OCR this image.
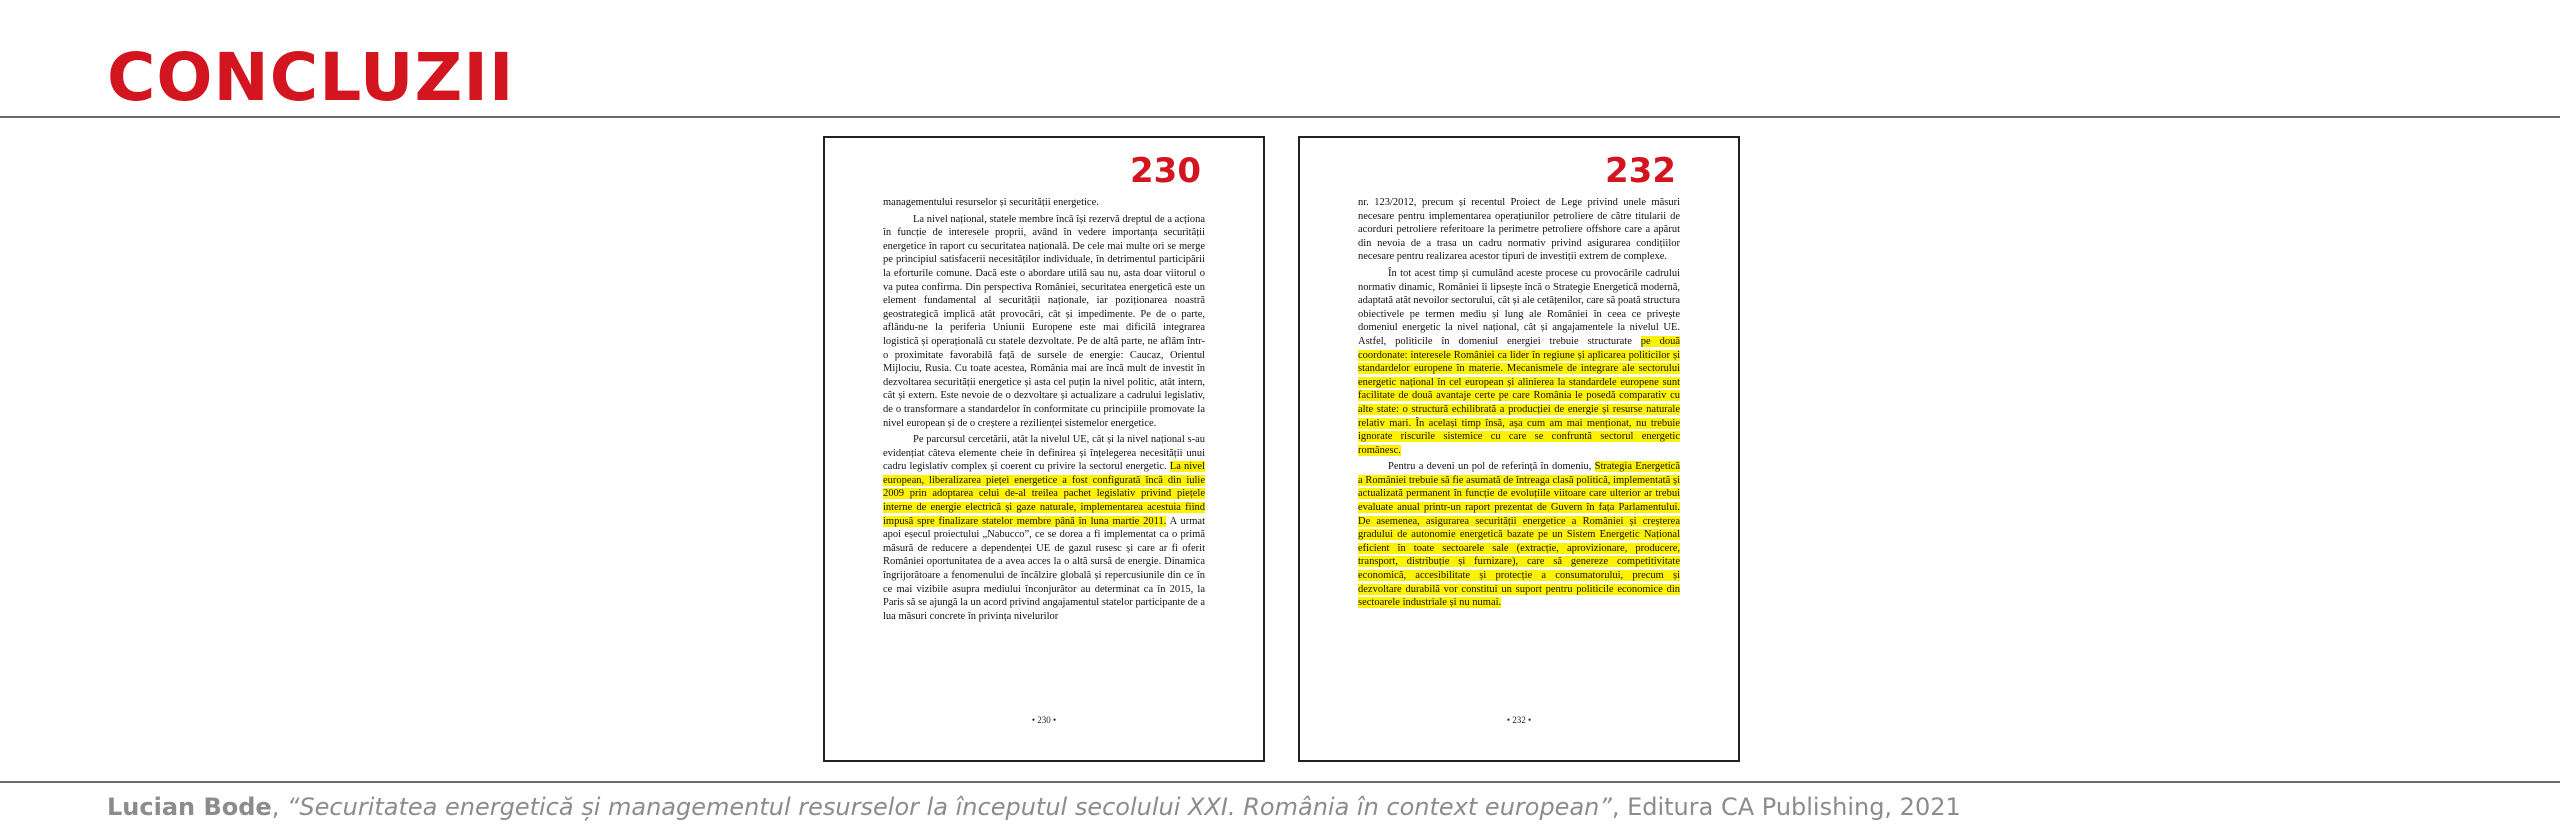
CONCLUZII
230

managementului resurselor și securității energetice.

La nivel național, statele membre încă își rezervă dreptul de a acționa în funcție de interesele proprii, având în vedere importanța securității energetice în raport cu securitatea națională. De cele mai multe ori se merge pe principiul satisfacerii necesităților individuale, în detrimentul participării la eforturile comune. Dacă este o abordare utilă sau nu, asta doar viitorul o va putea confirma. Din perspectiva României, securitatea energetică este un element fundamental al securității naționale, iar poziționarea noastră geostrategică implică atât provocări, cât și impedimente. Pe de o parte, aflându-ne la periferia Uniunii Europene este mai dificilă integrarea logistică și operațională cu statele dezvoltate. Pe de altă parte, ne aflăm într-o proximitate favorabilă față de sursele de energie: Caucaz, Orientul Mijlociu, Rusia. Cu toate acestea, România mai are încă mult de investit în dezvoltarea securității energetice și asta cel puțin la nivel politic, atât intern, cât și extern. Este nevoie de o dezvoltare și actualizare a cadrului legislativ, de o transformare a standardelor în conformitate cu principiile promovate la nivel european și de o creștere a rezilienței sistemelor energetice.

Pe parcursul cercetării, atât la nivelul UE, cât și la nivel național s-au evidențiat câteva elemente cheie în definirea și înțelegerea necesității unui cadru legislativ complex și coerent cu privire la sectorul energetic. La nivel european, liberalizarea pieței energetice a fost configurată încă din iulie 2009 prin adoptarea celui de-al treilea pachet legislativ privind piețele interne de energie electrică și gaze naturale, implementarea acestuia fiind impusă spre finalizare statelor membre până în luna martie 2011. A urmat apoi eșecul proiectului „Nabucco”, ce se dorea a fi implementat ca o primă măsură de reducere a dependenței UE de gazul rusesc și care ar fi oferit României oportunitatea de a avea acces la o altă sursă de energie. Dinamica îngrijorătoare a fenomenului de încălzire globală și repercusiunile din ce în ce mai vizibile asupra mediului înconjurător au determinat ca în 2015, la Paris să se ajungă la un acord privind angajamentul statelor participante de a lua măsuri concrete în privința nivelurilor

• 230 •
232

nr. 123/2012, precum și recentul Proiect de Lege privind unele măsuri necesare pentru implementarea operațiunilor petroliere de către titularii de acorduri petroliere referitoare la perimetre petroliere offshore care a apărut din nevoia de a trasa un cadru normativ privind asigurarea condițiilor necesare pentru realizarea acestor tipuri de investiții extrem de complexe.

În tot acest timp și cumulând aceste procese cu provocările cadrului normativ dinamic, României îi lipsește încă o Strategie Energetică modernă, adaptată atât nevoilor sectorului, cât și ale cetățenilor, care să poată structura obiectivele pe termen mediu și lung ale României în ceea ce privește domeniul energetic la nivel național, cât și angajamentele la nivelul UE. Astfel, politicile în domeniul energiei trebuie structurate pe două coordonate: interesele României ca lider în regiune și aplicarea politicilor și standardelor europene în materie. Mecanismele de integrare ale sectorului energetic național în cel european și alinierea la standardele europene sunt facilitate de două avantaje certe pe care România le posedă comparativ cu alte state: o structură echilibrată a producției de energie și resurse naturale relativ mari. În același timp însă, așa cum am mai menționat, nu trebuie ignorate riscurile sistemice cu care se confruntă sectorul energetic românesc.

Pentru a deveni un pol de referință în domeniu, Strategia Energetică a României trebuie să fie asumată de întreaga clasă politică, implementată și actualizată permanent în funcție de evoluțiile viitoare care ulterior ar trebui evaluate anual printr-un raport prezentat de Guvern în fața Parlamentului. De asemenea, asigurarea securității energetice a României și creșterea gradului de autonomie energetică bazate pe un Sistem Energetic Național eficient în toate sectoarele sale (extracție, aprovizionare, producere, transport, distribuție și furnizare), care să genereze competitivitate economică, accesibilitate și protecție a consumatorului, precum și dezvoltare durabilă vor constitui un suport pentru politicile economice din sectoarele industriale și nu numai.

• 232 •
Lucian Bode, “Securitatea energetică și managementul resurselor la începutul secolului XXI. România în context european”, Editura CA Publishing, 2021
